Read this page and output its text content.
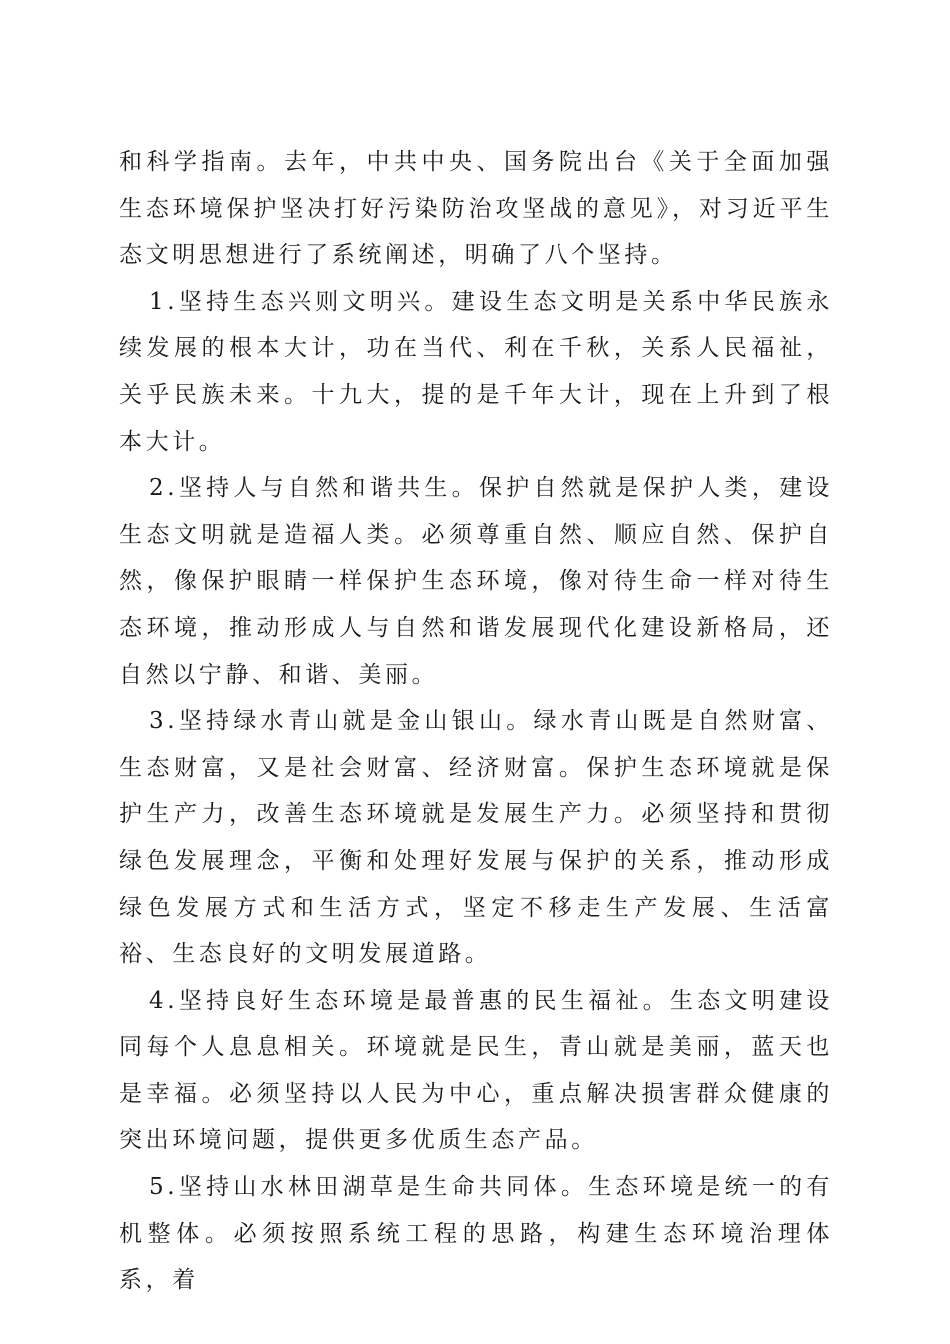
和科学指南。去年，中共中央、国务院出台《关于全面加强生态环境保护坚决打好污染防治攻坚战的意见》，对习近平生态文明思想进行了系统阐述，明确了八个坚持。

1.坚持生态兴则文明兴。建设生态文明是关系中华民族永续发展的根本大计，功在当代、利在千秋，关系人民福祉，关乎民族未来。十九大，提的是千年大计，现在上升到了根本大计。

2.坚持人与自然和谐共生。保护自然就是保护人类，建设生态文明就是造福人类。必须尊重自然、顺应自然、保护自然，像保护眼睛一样保护生态环境，像对待生命一样对待生态环境，推动形成人与自然和谐发展现代化建设新格局，还自然以宁静、和谐、美丽。

3.坚持绿水青山就是金山银山。绿水青山既是自然财富、生态财富，又是社会财富、经济财富。保护生态环境就是保护生产力，改善生态环境就是发展生产力。必须坚持和贯彻绿色发展理念，平衡和处理好发展与保护的关系，推动形成绿色发展方式和生活方式，坚定不移走生产发展、生活富裕、生态良好的文明发展道路。

4.坚持良好生态环境是最普惠的民生福祉。生态文明建设同每个人息息相关。环境就是民生，青山就是美丽，蓝天也是幸福。必须坚持以人民为中心，重点解决损害群众健康的突出环境问题，提供更多优质生态产品。

5.坚持山水林田湖草是生命共同体。生态环境是统一的有机整体。必须按照系统工程的思路，构建生态环境治理体系，着
